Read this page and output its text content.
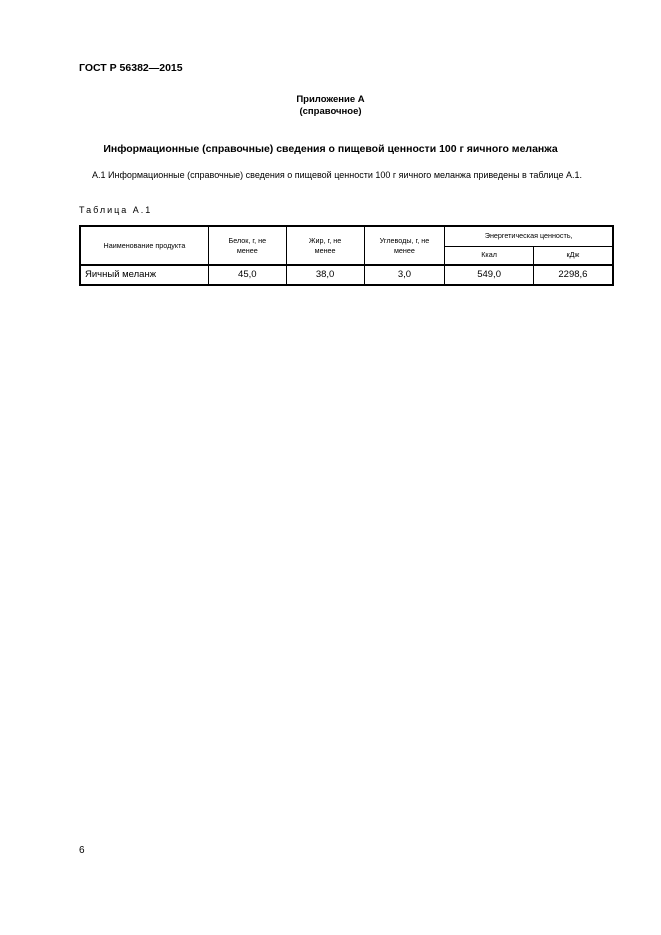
ГОСТ Р 56382—2015
Приложение А
(справочное)
Информационные (справочные) сведения о пищевой ценности 100 г яичного меланжа
А.1 Информационные (справочные) сведения о пищевой ценности 100 г яичного меланжа приведены в таблице А.1.
Таблица А.1
Наименование продукта	Белок, г, не менее	Жир, г, не менее	Углеводы, г, не менее	Энергетическая ценность,	
				Ккал	кДж
Яичный меланж	45,0	38,0	3,0	549,0	2298,6
6
